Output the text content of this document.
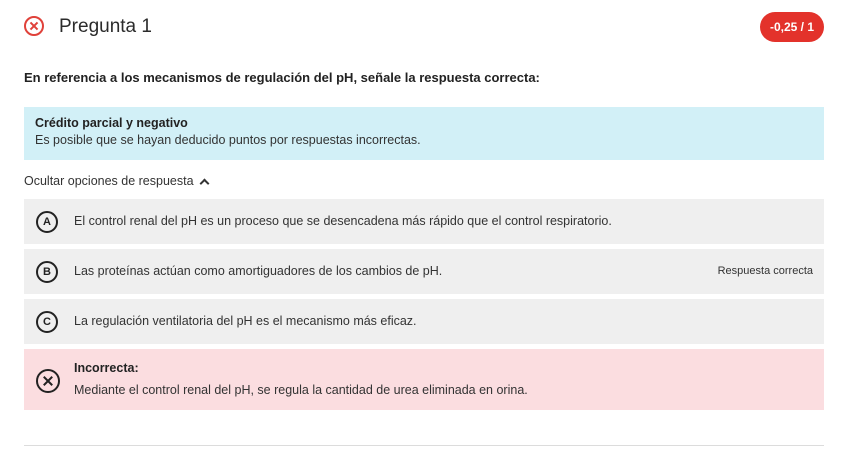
Pregunta 1	-0,25 / 1
En referencia a los mecanismos de regulación del pH, señale la respuesta correcta:
Crédito parcial y negativo
Es posible que se hayan deducido puntos por respuestas incorrectas.
Ocultar opciones de respuesta
A	El control renal del pH es un proceso que se desencadena más rápido que el control respiratorio.
B	Las proteínas actúan como amortiguadores de los cambios de pH.	Respuesta correcta
C	La regulación ventilatoria del pH es el mecanismo más eficaz.
Incorrecta:
Mediante el control renal del pH, se regula la cantidad de urea eliminada en orina.
